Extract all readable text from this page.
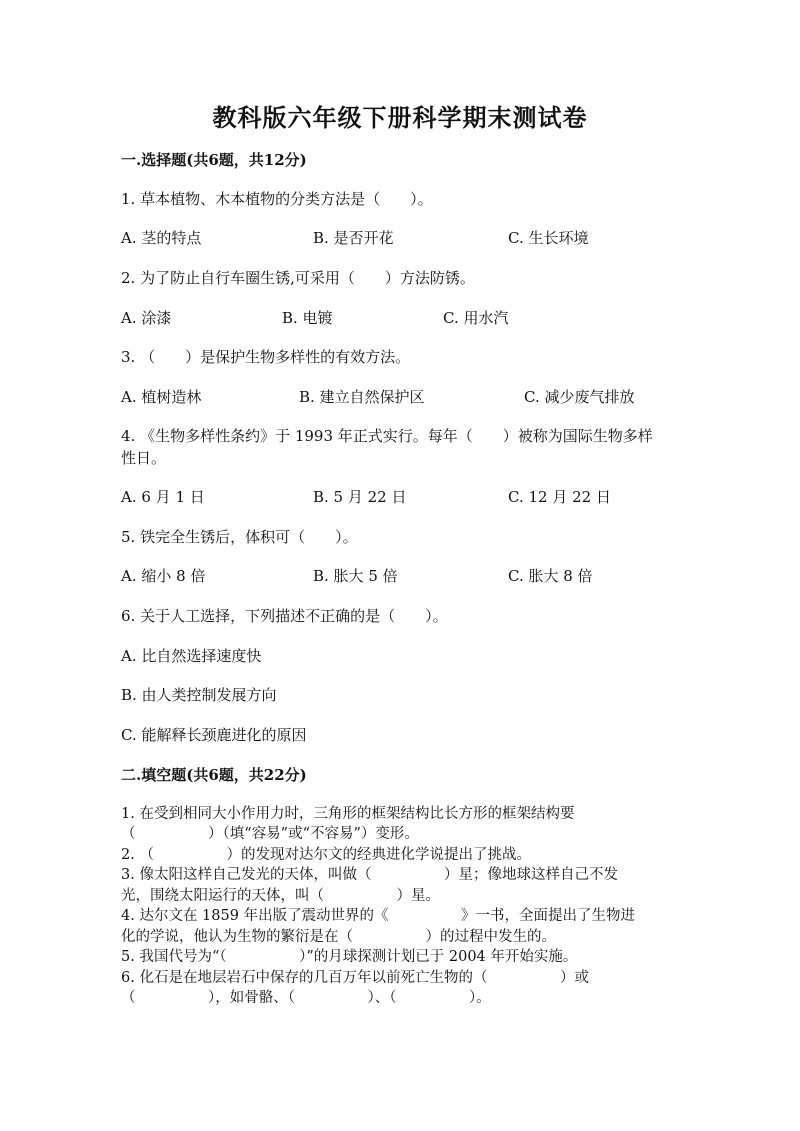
教科版六年级下册科学期末测试卷
一.选择题(共6题，共12分)
1. 草本植物、木本植物的分类方法是（　　）。
A. 茎的特点	B. 是否开花	C. 生长环境
2. 为了防止自行车圈生锈,可采用（　　）方法防锈。
A. 涂漆	B. 电镀	C. 用水汽
3. （　　）是保护生物多样性的有效方法。
A. 植树造林	B. 建立自然保护区	C. 减少废气排放
4. 《生物多样性条约》于 1993 年正式实行。每年（　　）被称为国际生物多样
性日。
A. 6 月 1 日	B. 5 月 22 日	C. 12 月 22 日
5. 铁完全生锈后，体积可（　　）。
A. 缩小 8 倍	B. 胀大 5 倍	C. 胀大 8 倍
6. 关于人工选择，下列描述不正确的是（　　）。
A. 比自然选择速度快
B. 由人类控制发展方向
C. 能解释长颈鹿进化的原因
二.填空题(共6题，共22分)
1. 在受到相同大小作用力时，三角形的框架结构比长方形的框架结构要
（　　　　　）（填“容易”或“不容易”）变形。
2. （　　　　　）的发现对达尔文的经典进化学说提出了挑战。
3. 像太阳这样自己发光的天体，叫做（　　　　　）星；像地球这样自己不发
光，围绕太阳运行的天体，叫（　　　　　）星。
4. 达尔文在 1859 年出版了震动世界的《　　　　　》一书，全面提出了生物进
化的学说，他认为生物的繁衍是在（　　　　　）的过程中发生的。
5. 我国代号为“（　　　　　）”的月球探测计划已于 2004 年开始实施。
6. 化石是在地层岩石中保存的几百万年以前死亡生物的（　　　　　）或
（　　　　　），如骨骼、（　　　　　）、（　　　　　）。
